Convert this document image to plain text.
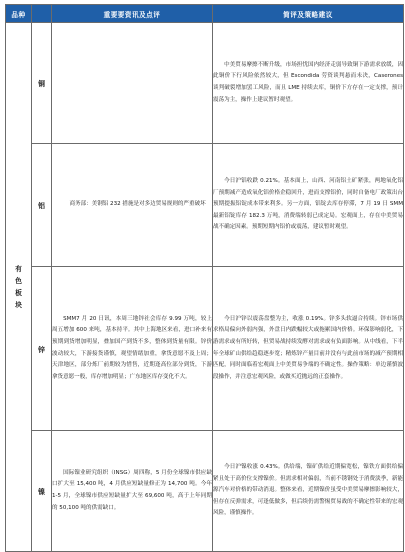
品种		重要要资讯及点评	简评及策略建议
有色板块	铜		中美贸易摩擦不断升级，市场担忧国内经济走弱导致铜下游需求放缓，因此铜价下行风险依然较大，但 Escondida 劳资谈判悬而未决，Caserones 谈判破裂增加罢工风险，而且 LME 持续去库，铜价下方存在一定支撑，预计震荡为主，操作上建议暂时观望。

	铝	商务部：美钢铝 232 措施是对多边贸易规则的严重破坏	今日沪铝收跌 0.21%。基本面上，山西、河南铝土矿紧张，两地氧化铝厂预期减产造成氧化铝价格企稳回升，进而支撑铝价，同时自备电厂政策出台预期提振铝锭成本带来利多。另一方面，铝锭去库存停滞，7 月 19 日 SMM 最新铝锭库存 182.3 万吨，消费端转弱已成定局。宏观面上，存在中美贸易战不确定因素。预期短期内铝价或震荡，建议暂时观望。

	锌	SMM7 月 20 日讯，本周三地锌社会库存 9.99 万吨，较上周五增加 600 来吨，基本持平。其中上海地区来看，进口补来有预期到货增加明显，叠加国产到货不多，整体到货量有限。锌价波动较大，下游接货谨慎，观望情绪加重，拿货意愿不及上周；天津地区，部分炼厂前期较为惜售，近期逢高位部分到货，下游拿货意愿一般，库存增加明显；广东地区库存变化不大。	今日沪锌以震荡盘整为主，收涨 0.19%。锌多头软逼合持续。锌市场供求格局偏向外弱内强，外盘日内跌幅较大或拖累国内价格。环保影响弱化，下游需求或有所好转，但贸易战持续发酵对需求或有负面影响。从中线看，下半年全球矿山供给趋稳逐步宽；精炼锌产量目前并没有与此前市场的减产预期相匹配，同时面临着宏观面上中美贸易争端的不确定性。操作策略：单边谨慎波段操作，并注意宏观风险，或做买近抛远的正套操作。

	镍	国际镍业研究组织（INSG）周四称，5 月份全球镍市供应缺口扩大至 15,400 吨，4 月供应短缺量修正为 14,700 吨。今年 1-5 月，全球镍市供应短缺量扩大至 69,600 吨，高于上年同期的 50,100 吨的供需缺口。	今日沪镍收涨 0.43%。供给端，镍矿供给近期偏宽松，镍铁方面供给偏紧且处于高价位支撑镍价。但需求相对偏弱，当前不锈钢处于消费淡季，新能源汽车对价格的带动消退。整体来看，近期镍价虽受中美贸易摩擦影响较大，但存在反弹需求，可逢低做多，但后续仍需警惕贸易战的不确定性带来的宏观风险，谨慎操作。
